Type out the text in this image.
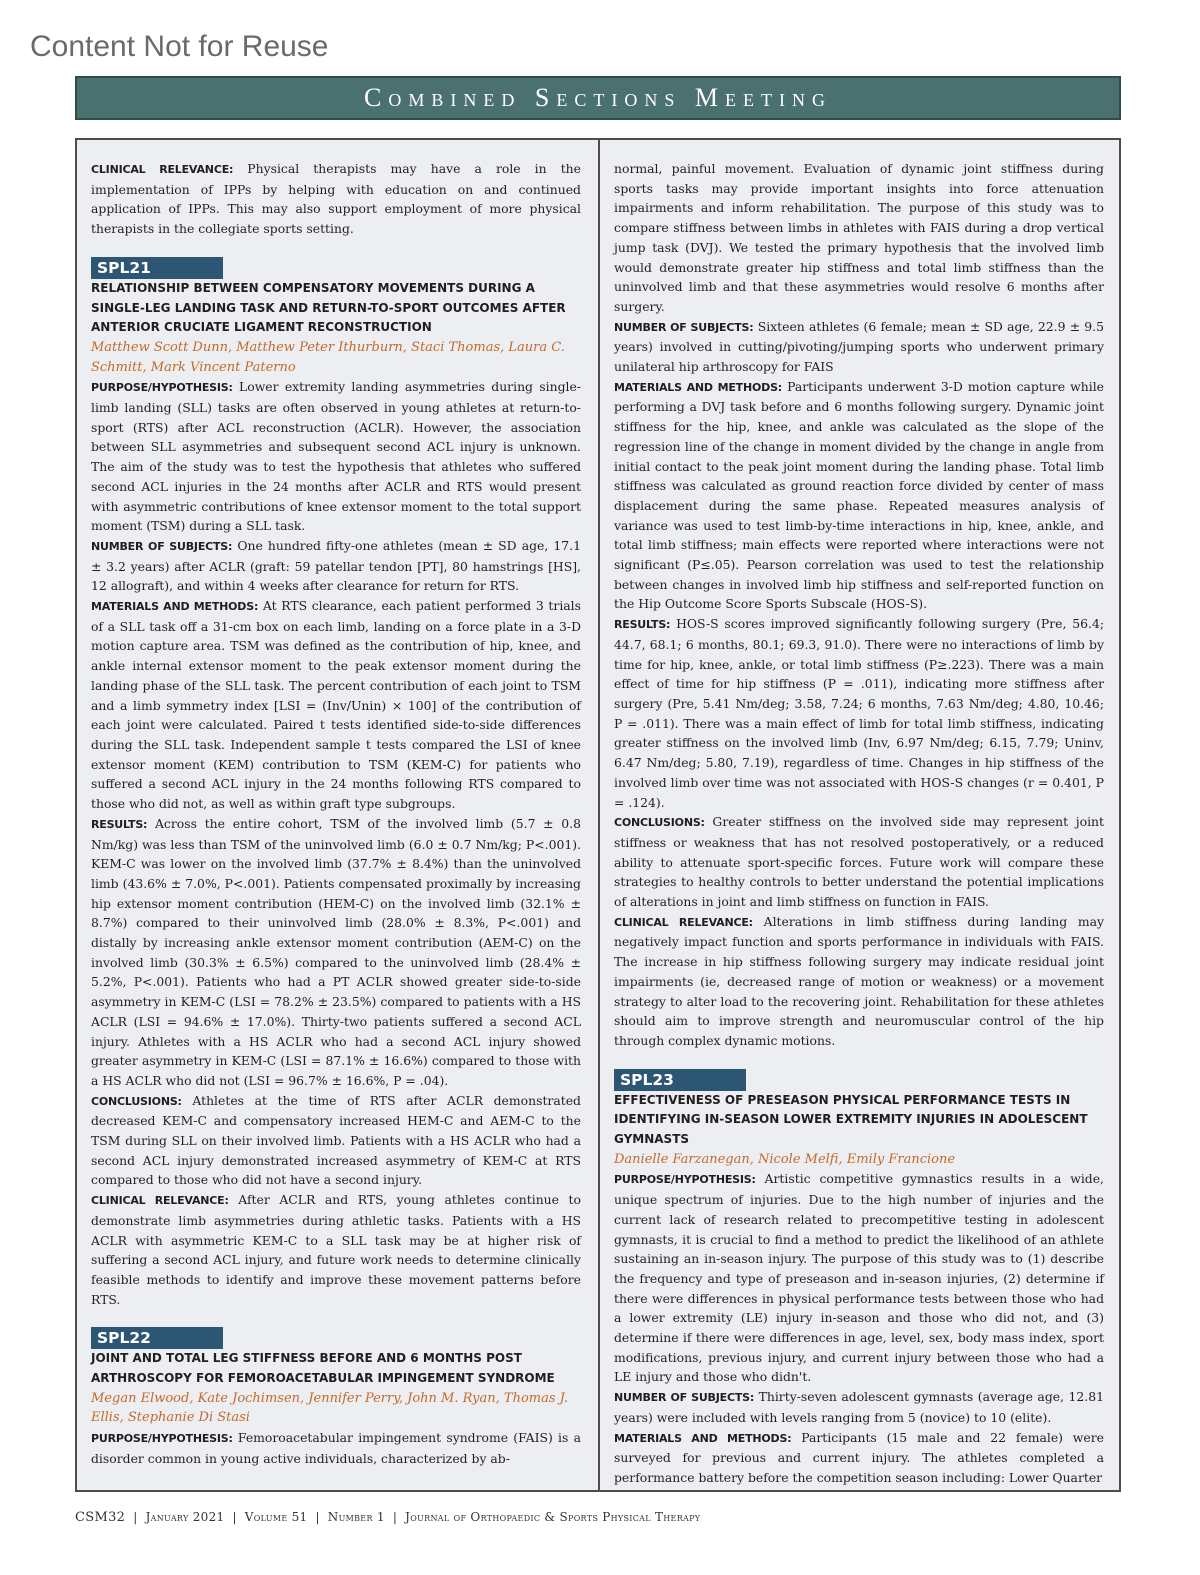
Content Not for Reuse
Combined Sections Meeting

CLINICAL RELEVANCE: Physical therapists may have a role in the implementation of IPPs by helping with education on and continued application of IPPs. This may also support employment of more physical therapists in the collegiate sports setting.

SPL21
RELATIONSHIP BETWEEN COMPENSATORY MOVEMENTS DURING A SINGLE-LEG LANDING TASK AND RETURN-TO-SPORT OUTCOMES AFTER ANTERIOR CRUCIATE LIGAMENT RECONSTRUCTION
Matthew Scott Dunn, Matthew Peter Ithurburn, Staci Thomas, Laura C. Schmitt, Mark Vincent Paterno

PURPOSE/HYPOTHESIS: Lower extremity landing asymmetries during single-limb landing (SLL) tasks are often observed in young athletes at return-to-sport (RTS) after ACL reconstruction (ACLR). However, the association between SLL asymmetries and subsequent second ACL injury is unknown. The aim of the study was to test the hypothesis that athletes who suffered second ACL injuries in the 24 months after ACLR and RTS would present with asymmetric contributions of knee extensor moment to the total support moment (TSM) during a SLL task.

NUMBER OF SUBJECTS: One hundred fifty-one athletes (mean ± SD age, 17.1 ± 3.2 years) after ACLR (graft: 59 patellar tendon [PT], 80 hamstrings [HS], 12 allograft), and within 4 weeks after clearance for return for RTS.

MATERIALS AND METHODS: At RTS clearance, each patient performed 3 trials of a SLL task off a 31-cm box on each limb, landing on a force plate in a 3-D motion capture area. TSM was defined as the contribution of hip, knee, and ankle internal extensor moment to the peak extensor moment during the landing phase of the SLL task. The percent contribution of each joint to TSM and a limb symmetry index [LSI = (Inv/Unin) × 100] of the contribution of each joint were calculated. Paired t tests identified side-to-side differences during the SLL task. Independent sample t tests compared the LSI of knee extensor moment (KEM) contribution to TSM (KEM-C) for patients who suffered a second ACL injury in the 24 months following RTS compared to those who did not, as well as within graft type subgroups.

RESULTS: Across the entire cohort, TSM of the involved limb (5.7 ± 0.8 Nm/kg) was less than TSM of the uninvolved limb (6.0 ± 0.7 Nm/kg; P<.001). KEM-C was lower on the involved limb (37.7% ± 8.4%) than the uninvolved limb (43.6% ± 7.0%, P<.001). Patients compensated proximally by increasing hip extensor moment contribution (HEM-C) on the involved limb (32.1% ± 8.7%) compared to their uninvolved limb (28.0% ± 8.3%, P<.001) and distally by increasing ankle extensor moment contribution (AEM-C) on the involved limb (30.3% ± 6.5%) compared to the uninvolved limb (28.4% ± 5.2%, P<.001). Patients who had a PT ACLR showed greater side-to-side asymmetry in KEM-C (LSI = 78.2% ± 23.5%) compared to patients with a HS ACLR (LSI = 94.6% ± 17.0%). Thirty-two patients suffered a second ACL injury. Athletes with a HS ACLR who had a second ACL injury showed greater asymmetry in KEM-C (LSI = 87.1% ± 16.6%) compared to those with a HS ACLR who did not (LSI = 96.7% ± 16.6%, P = .04).

CONCLUSIONS: Athletes at the time of RTS after ACLR demonstrated decreased KEM-C and compensatory increased HEM-C and AEM-C to the TSM during SLL on their involved limb. Patients with a HS ACLR who had a second ACL injury demonstrated increased asymmetry of KEM-C at RTS compared to those who did not have a second injury.

CLINICAL RELEVANCE: After ACLR and RTS, young athletes continue to demonstrate limb asymmetries during athletic tasks. Patients with a HS ACLR with asymmetric KEM-C to a SLL task may be at higher risk of suffering a second ACL injury, and future work needs to determine clinically feasible methods to identify and improve these movement patterns before RTS.

SPL22
JOINT AND TOTAL LEG STIFFNESS BEFORE AND 6 MONTHS POST ARTHROSCOPY FOR FEMOROACETABULAR IMPINGEMENT SYNDROME
Megan Elwood, Kate Jochimsen, Jennifer Perry, John M. Ryan, Thomas J. Ellis, Stephanie Di Stasi

PURPOSE/HYPOTHESIS: Femoroacetabular impingement syndrome (FAIS) is a disorder common in young active individuals, characterized by ab-

normal, painful movement. Evaluation of dynamic joint stiffness during sports tasks may provide important insights into force attenuation impairments and inform rehabilitation. The purpose of this study was to compare stiffness between limbs in athletes with FAIS during a drop vertical jump task (DVJ). We tested the primary hypothesis that the involved limb would demonstrate greater hip stiffness and total limb stiffness than the uninvolved limb and that these asymmetries would resolve 6 months after surgery.

NUMBER OF SUBJECTS: Sixteen athletes (6 female; mean ± SD age, 22.9 ± 9.5 years) involved in cutting/pivoting/jumping sports who underwent primary unilateral hip arthroscopy for FAIS

MATERIALS AND METHODS: Participants underwent 3-D motion capture while performing a DVJ task before and 6 months following surgery. Dynamic joint stiffness for the hip, knee, and ankle was calculated as the slope of the regression line of the change in moment divided by the change in angle from initial contact to the peak joint moment during the landing phase. Total limb stiffness was calculated as ground reaction force divided by center of mass displacement during the same phase. Repeated measures analysis of variance was used to test limb-by-time interactions in hip, knee, ankle, and total limb stiffness; main effects were reported where interactions were not significant (P≤.05). Pearson correlation was used to test the relationship between changes in involved limb hip stiffness and self-reported function on the Hip Outcome Score Sports Subscale (HOS-S).

RESULTS: HOS-S scores improved significantly following surgery (Pre, 56.4; 44.7, 68.1; 6 months, 80.1; 69.3, 91.0). There were no interactions of limb by time for hip, knee, ankle, or total limb stiffness (P≥.223). There was a main effect of time for hip stiffness (P = .011), indicating more stiffness after surgery (Pre, 5.41 Nm/deg; 3.58, 7.24; 6 months, 7.63 Nm/deg; 4.80, 10.46; P = .011). There was a main effect of limb for total limb stiffness, indicating greater stiffness on the involved limb (Inv, 6.97 Nm/deg; 6.15, 7.79; Uninv, 6.47 Nm/deg; 5.80, 7.19), regardless of time. Changes in hip stiffness of the involved limb over time was not associated with HOS-S changes (r = 0.401, P = .124).

CONCLUSIONS: Greater stiffness on the involved side may represent joint stiffness or weakness that has not resolved postoperatively, or a reduced ability to attenuate sport-specific forces. Future work will compare these strategies to healthy controls to better understand the potential implications of alterations in joint and limb stiffness on function in FAIS.

CLINICAL RELEVANCE: Alterations in limb stiffness during landing may negatively impact function and sports performance in individuals with FAIS. The increase in hip stiffness following surgery may indicate residual joint impairments (ie, decreased range of motion or weakness) or a movement strategy to alter load to the recovering joint. Rehabilitation for these athletes should aim to improve strength and neuromuscular control of the hip through complex dynamic motions.

SPL23
EFFECTIVENESS OF PRESEASON PHYSICAL PERFORMANCE TESTS IN IDENTIFYING IN-SEASON LOWER EXTREMITY INJURIES IN ADOLESCENT GYMNASTS
Danielle Farzanegan, Nicole Melfi, Emily Francione

PURPOSE/HYPOTHESIS: Artistic competitive gymnastics results in a wide, unique spectrum of injuries. Due to the high number of injuries and the current lack of research related to precompetitive testing in adolescent gymnasts, it is crucial to find a method to predict the likelihood of an athlete sustaining an in-season injury. The purpose of this study was to (1) describe the frequency and type of preseason and in-season injuries, (2) determine if there were differences in physical performance tests between those who had a lower extremity (LE) injury in-season and those who did not, and (3) determine if there were differences in age, level, sex, body mass index, sport modifications, previous injury, and current injury between those who had a LE injury and those who didn't.

NUMBER OF SUBJECTS: Thirty-seven adolescent gymnasts (average age, 12.81 years) were included with levels ranging from 5 (novice) to 10 (elite).

MATERIALS AND METHODS: Participants (15 male and 22 female) were surveyed for previous and current injury. The athletes completed a performance battery before the competition season including: Lower Quarter

CSM32 | January 2021 | Volume 51 | Number 1 | Journal of Orthopaedic & Sports Physical Therapy
